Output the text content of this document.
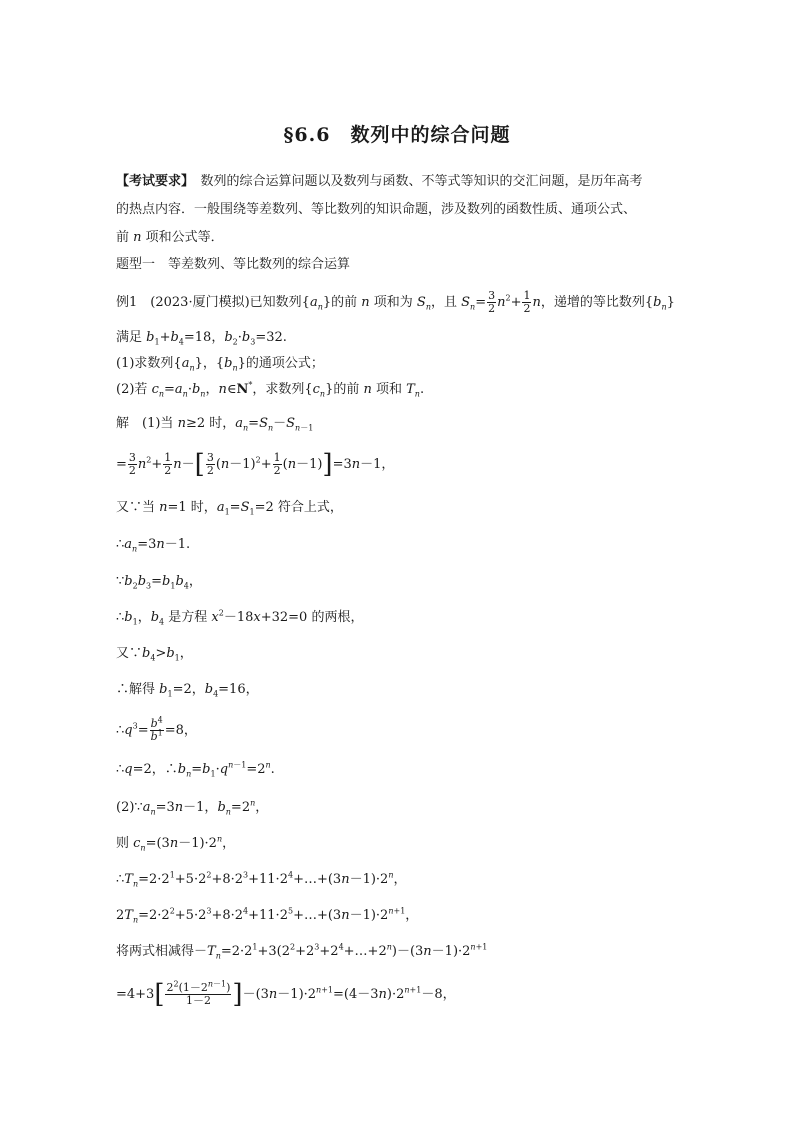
§6.6　数列中的综合问题
【考试要求】　数列的综合运算问题以及数列与函数、不等式等知识的交汇问题，是历年高考
的热点内容．一般围绕等差数列、等比数列的知识命题，涉及数列的函数性质、通项公式、
前 n 项和公式等．
题型一　等差数列、等比数列的综合运算
例1　 (2023·厦门模拟)已知数列$\{a_n\}$的前 n 项和为 $S_n$，且 $S_n= \frac{3}{2} n^2+ \frac{1}{2}$ n，递增的等比数列$\{b_n\}$
满足 $b_1+b_4=18$，$b_2\cdot b_3=32$.
(1)求数列$\{a_n\}$，$\{b_n\}$的通项公式；
(2)若 $c_n=a_n\cdot b_n$，n∈N*，求数列$\{c_n\}$的前 n 项和 $T_n$.
解　(1)当 n≥2 时，$a_n=S_n-S_{n-1}$
= $\frac{3}{2} n^2+ \frac{1}{2} n-[ \frac{3}{2} (n-1)^2+ \frac{1}{2} (n-1)]=3n-1$，
又∵当 n=1 时，$a_1=S_1=2$ 符合上式，
$\therefore a_n=3n-1$.
$\because b_2b_3=b_1b_4$，
$\therefore b_1$，$b_4$ 是方程 $x^2-18x+32=0$ 的两根，
又$\because b_4>b_1$，
∴解得 $b_1=2$，$b_4=16$，
$\therefore q^3= \frac{b^4}{b^1} =8$，
∴q=2，$\therefore b_n=b_1\cdot q^{n-1}=2^n$.
$(2)\because a_n=3n-1$，$b_n=2^n$，
则 $c_n=(3n-1)\cdot 2^n$，
$\therefore T_n=2\cdot 2^1+5\cdot 2^2+8\cdot 2^3+11\cdot 2^4+\dots+(3n-1)\cdot 2^n$，
$2T_n=2\cdot 2^2+5\cdot 2^3+8\cdot 2^4+11\cdot 2^5+\dots+(3n-1)\cdot 2^{n+1}$，
将两式相减得$-T_n=2\cdot 2^1+3(2^2+2^3+2^4+\dots+2^n)-(3n-1)\cdot 2^{n+1}$
$=4+3[ \frac{2^2(1-2^{n-1})}{1-2} ]-(3n-1)\cdot 2^{n+1}=(4-3n)\cdot 2^{n+1}-8$，
